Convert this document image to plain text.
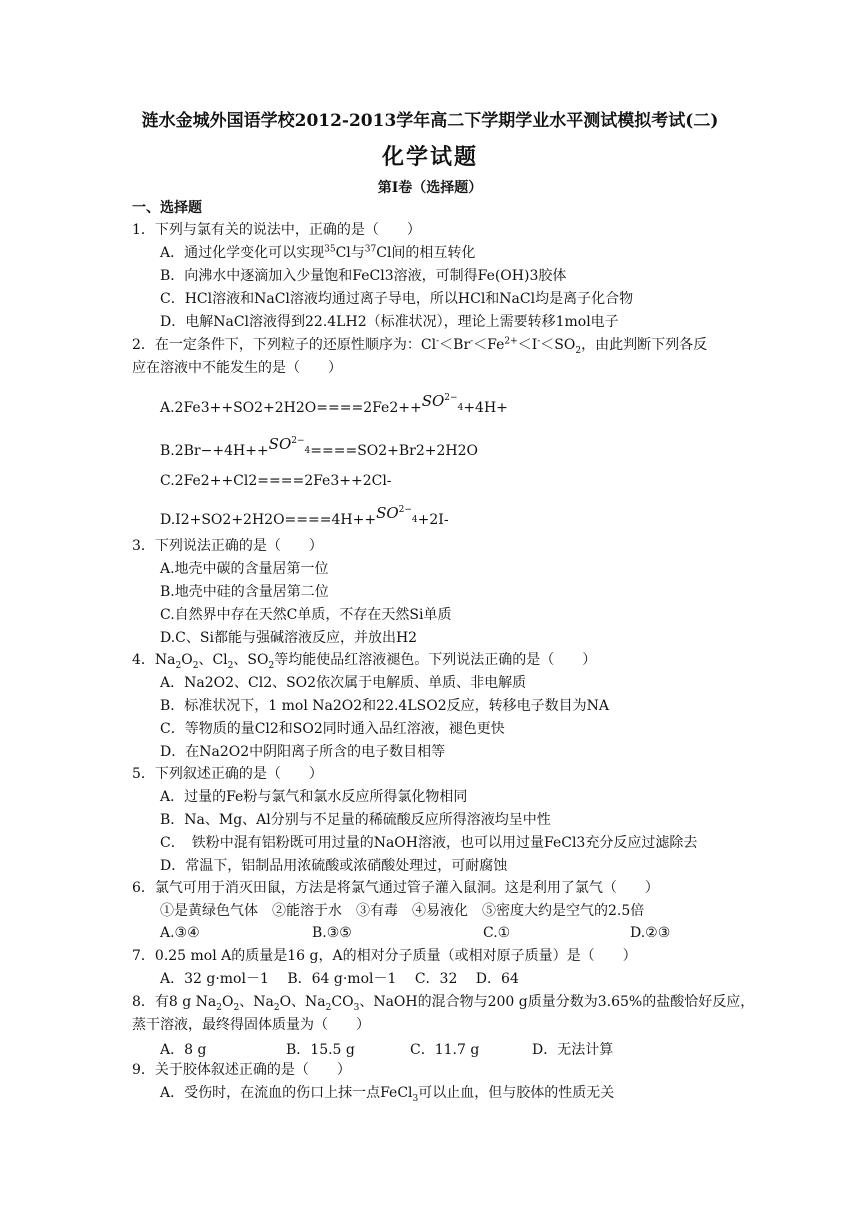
涟水金城外国语学校2012-2013学年高二下学期学业水平测试模拟考试(二)
化学试题
第Ⅰ卷（选择题）
一、选择题
1．下列与氯有关的说法中，正确的是（　　）
A．通过化学变化可以实现$^{35}$Cl与$^{37}$Cl间的相互转化
B．向沸水中逐滴加入少量饱和FeCl3溶液，可制得Fe(OH)3胶体
C．HCl溶液和NaCl溶液均通过离子导电，所以HCl和NaCl均是离子化合物
D．电解NaCl溶液得到22.4LH2（标准状况），理论上需要转移1mol电子
2．在一定条件下，下列粒子的还原性顺序为：$Cl^-<Br^-<Fe^{2+}<I^-<SO_2$，由此判断下列各反
应在溶液中不能发生的是（　　）
$A.2Fe3++SO2+2H2O====2Fe2++SO^{2-}_4+4H+$
$B.2Br-+4H++SO^{2-}_4====SO2+Br2+2H2O$
C.2Fe2++Cl2====2Fe3++2Cl-
$D.I2+SO2+2H2O====4H++SO^{2-}_4+2I-$
3．下列说法正确的是（　　）
A.地壳中碳的含量居第一位
B.地壳中硅的含量居第二位
C.自然界中存在天然C单质，不存在天然Si单质
D.C、Si都能与强碱溶液反应，并放出H2
4．$Na_2O_2$、$Cl_2$、$SO_2$等均能使品红溶液褪色。下列说法正确的是（　　）
A．Na2O2、Cl2、SO2依次属于电解质、单质、非电解质
B．标准状况下，1 mol Na2O2和22.4LSO2反应，转移电子数目为NA
C．等物质的量Cl2和SO2同时通入品红溶液，褪色更快
D．在Na2O2中阴阳离子所含的电子数目相等
5．下列叙述正确的是（　　）
A．过量的Fe粉与氯气和氯水反应所得氯化物相同
B．Na、Mg、Al分别与不足量的稀硫酸反应所得溶液均呈中性
C．　铁粉中混有铝粉既可用过量的NaOH溶液，也可以用过量FeCl3充分反应过滤除去
D．常温下，铝制品用浓硫酸或浓硝酸处理过，可耐腐蚀
6．氯气可用于消灭田鼠，方法是将氯气通过管子灌入鼠洞。这是利用了氯气（　　）
①是黄绿色气体　②能溶于水　③有毒　④易液化　⑤密度大约是空气的2.5倍
A.③④	B.③⑤	C.①	D.②③
7．0.25 mol A的质量是16 g，A的相对分子质量（或相对原子质量）是（　　）
A．32 g·mol－1　 B．64 g·mol－1　 C．32　 D．64
8．有8 g $Na_2O_2$、$Na_2O$、$Na_2CO_3$、NaOH的混合物与200 g质量分数为3.65%的盐酸恰好反应，
蒸干溶液，最终得固体质量为（　　）
A．8 g	B．15.5 g	C．11.7 g	D．无法计算
9．关于胶体叙述正确的是（　　）
A．受伤时，在流血的伤口上抹一点FeCl$_3$可以止血，但与胶体的性质无关
